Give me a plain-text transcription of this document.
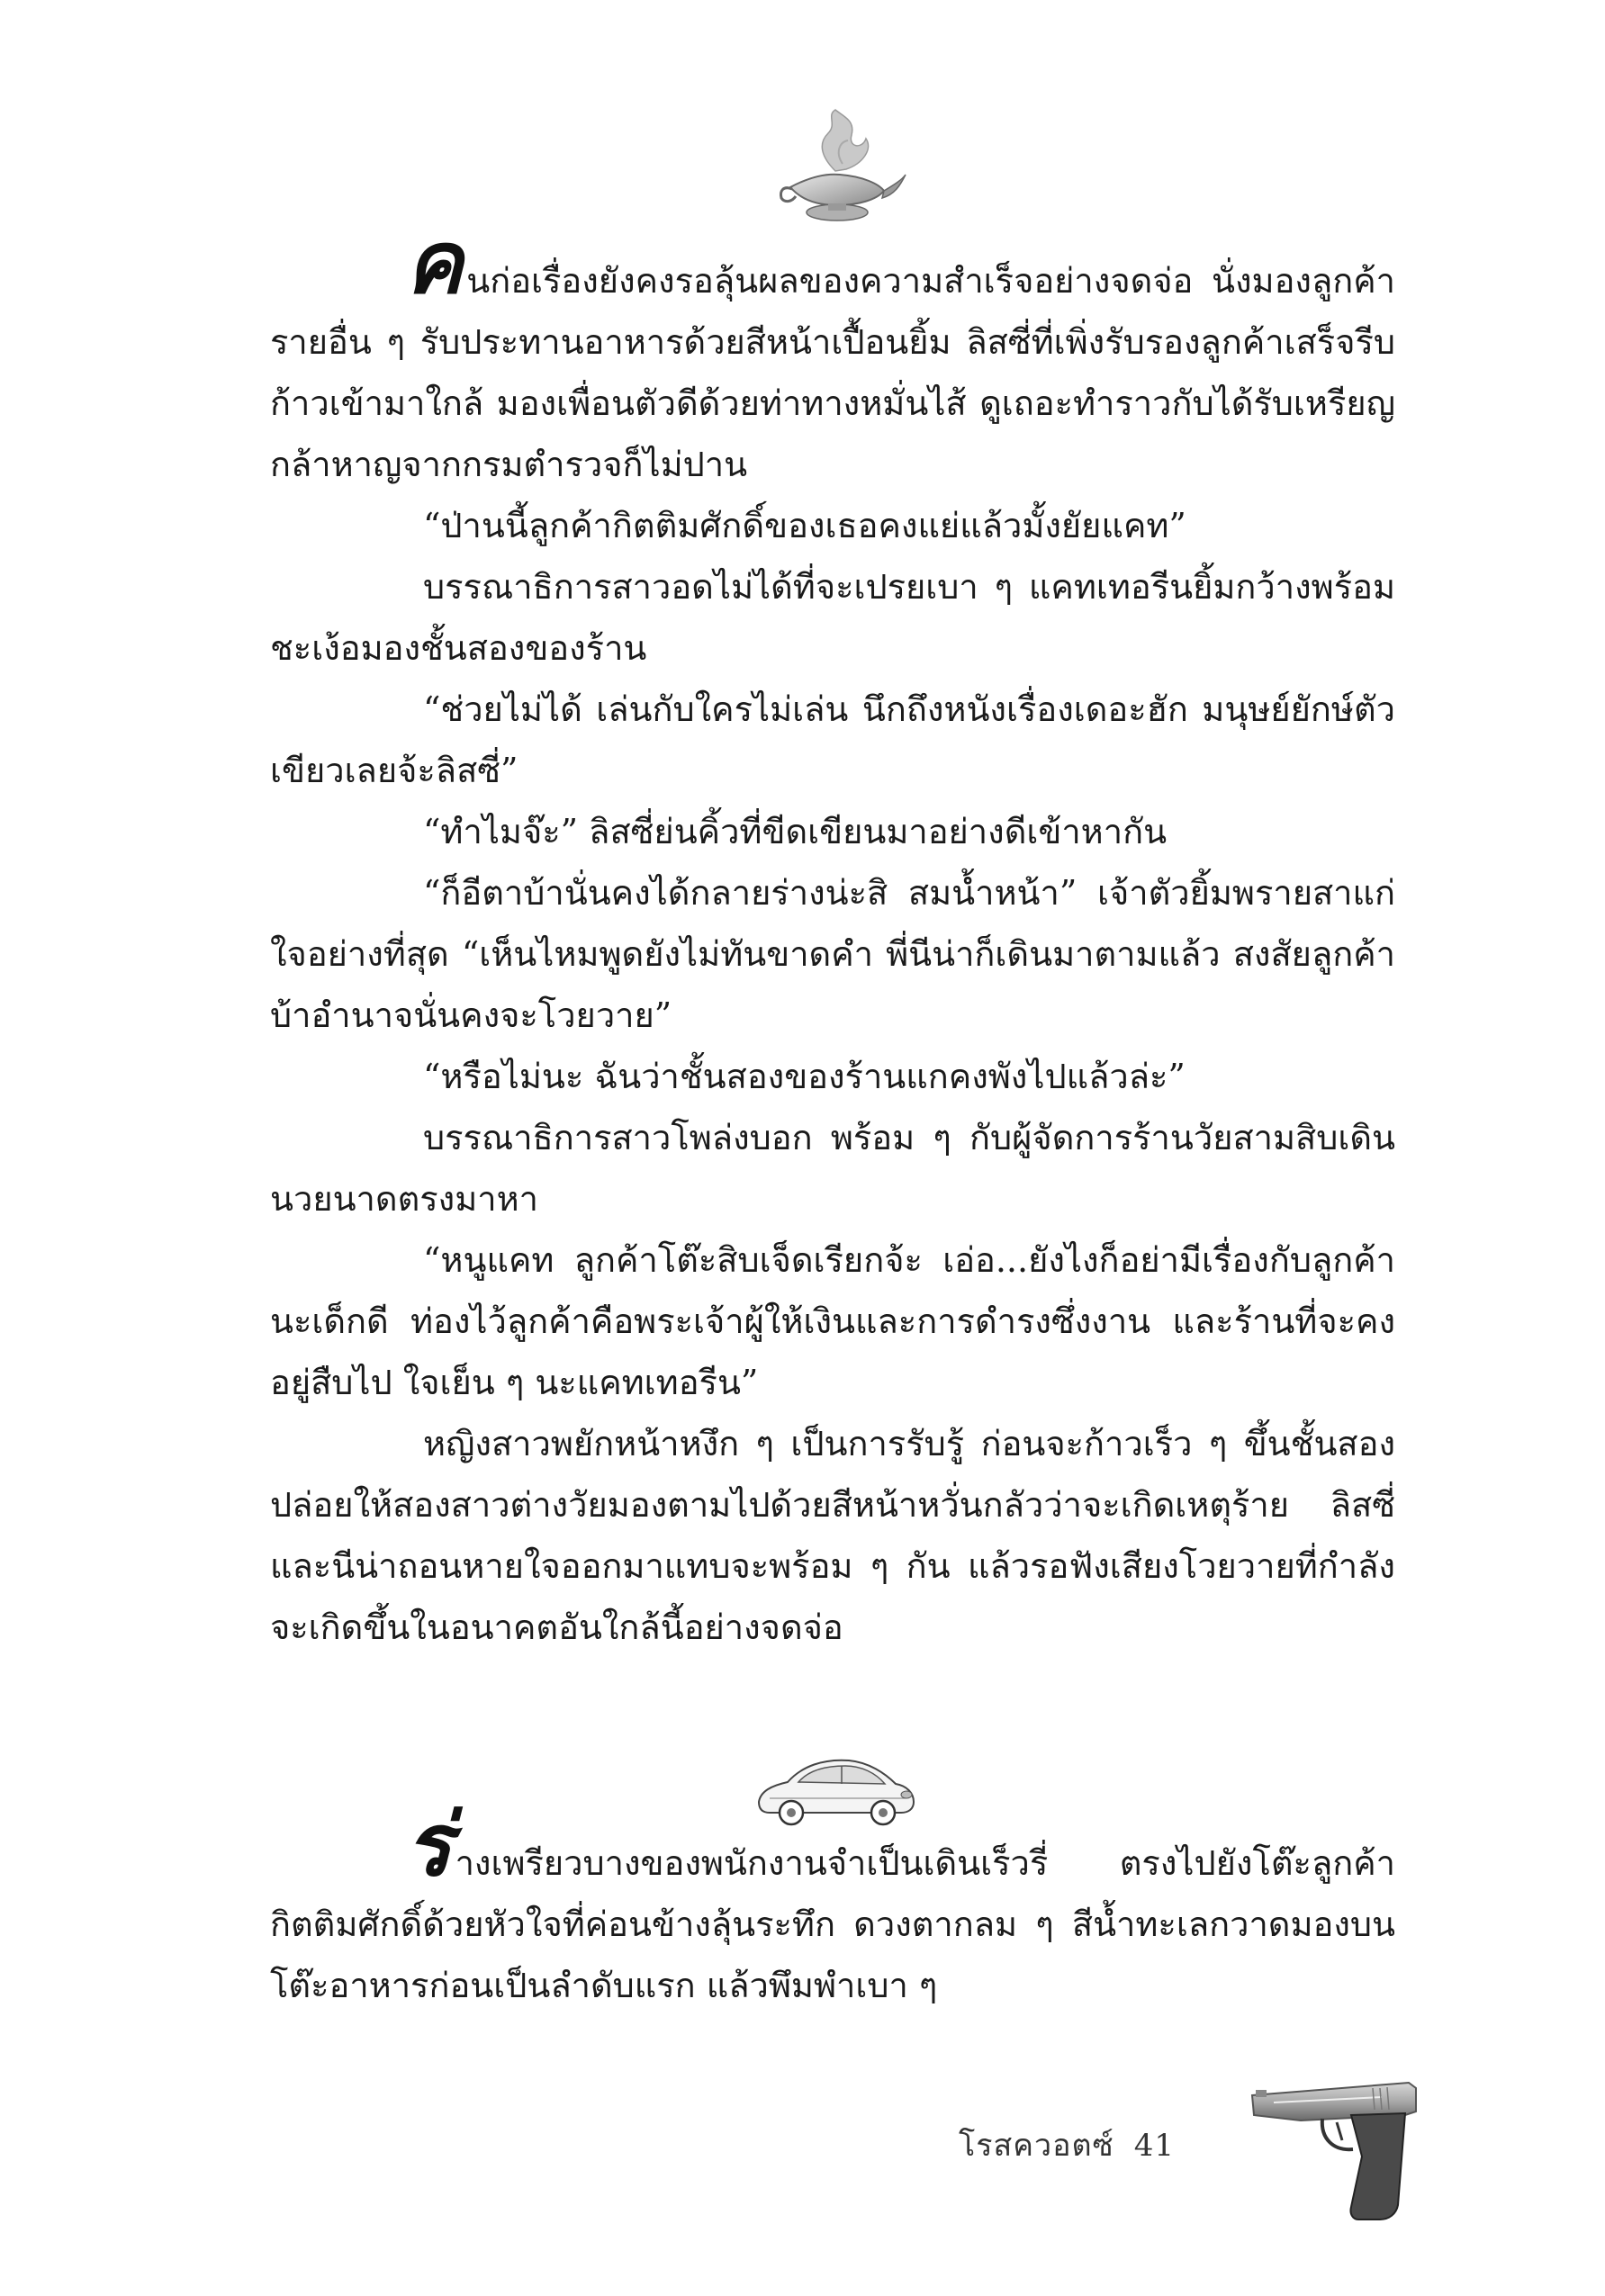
คนก่อเรื่องยังคงรอลุ้นผลของความสำเร็จอย่างจดจ่อ นั่งมองลูกค้ารายอื่น ๆ รับประทานอาหารด้วยสีหน้าเปื้อนยิ้ม ลิสซี่ที่เพิ่งรับรองลูกค้าเสร็จรีบก้าวเข้ามาใกล้ มองเพื่อนตัวดีด้วยท่าทางหมั่นไส้ ดูเถอะทำราวกับได้รับเหรียญกล้าหาญจากกรมตำรวจก็ไม่ปาน

“ป่านนี้ลูกค้ากิตติมศักดิ์ของเธอคงแย่แล้วมั้งยัยแคท”

บรรณาธิการสาวอดไม่ได้ที่จะเปรยเบา ๆ แคทเทอรีนยิ้มกว้างพร้อมชะเง้อมองชั้นสองของร้าน

“ช่วยไม่ได้ เล่นกับใครไม่เล่น นึกถึงหนังเรื่องเดอะฮัก มนุษย์ยักษ์ตัวเขียวเลยจ้ะลิสซี่”

“ทำไมจ๊ะ” ลิสซี่ย่นคิ้วที่ขีดเขียนมาอย่างดีเข้าหากัน

“ก็อีตาบ้านั่นคงได้กลายร่างน่ะสิ สมน้ำหน้า” เจ้าตัวยิ้มพรายสาแก่ใจอย่างที่สุด “เห็นไหมพูดยังไม่ทันขาดคำ พี่นีน่าก็เดินมาตามแล้ว สงสัยลูกค้าบ้าอำนาจนั่นคงจะโวยวาย”

“หรือไม่นะ ฉันว่าชั้นสองของร้านแกคงพังไปแล้วล่ะ”

บรรณาธิการสาวโพล่งบอก พร้อม ๆ กับผู้จัดการร้านวัยสามสิบเดินนวยนาดตรงมาหา

“หนูแคท ลูกค้าโต๊ะสิบเจ็ดเรียกจ้ะ เอ่อ...ยังไงก็อย่ามีเรื่องกับลูกค้านะเด็กดี ท่องไว้ลูกค้าคือพระเจ้าผู้ให้เงินและการดำรงซึ่งงาน และร้านที่จะคงอยู่สืบไป ใจเย็น ๆ นะแคทเทอรีน”

หญิงสาวพยักหน้าหงึก ๆ เป็นการรับรู้ ก่อนจะก้าวเร็ว ๆ ขึ้นชั้นสอง ปล่อยให้สองสาวต่างวัยมองตามไปด้วยสีหน้าหวั่นกลัวว่าจะเกิดเหตุร้าย ลิสซี่และนีน่าถอนหายใจออกมาแทบจะพร้อม ๆ กัน แล้วรอฟังเสียงโวยวายที่กำลังจะเกิดขึ้นในอนาคตอันใกล้นี้อย่างจดจ่อ

ร่างเพรียวบางของพนักงานจำเป็นเดินเร็วรี่ ตรงไปยังโต๊ะลูกค้ากิตติมศักดิ์ด้วยหัวใจที่ค่อนข้างลุ้นระทึก ดวงตากลม ๆ สีน้ำทะเลกวาดมองบนโต๊ะอาหารก่อนเป็นลำดับแรก แล้วพึมพำเบา ๆ

โรสควอตซ์ 41
